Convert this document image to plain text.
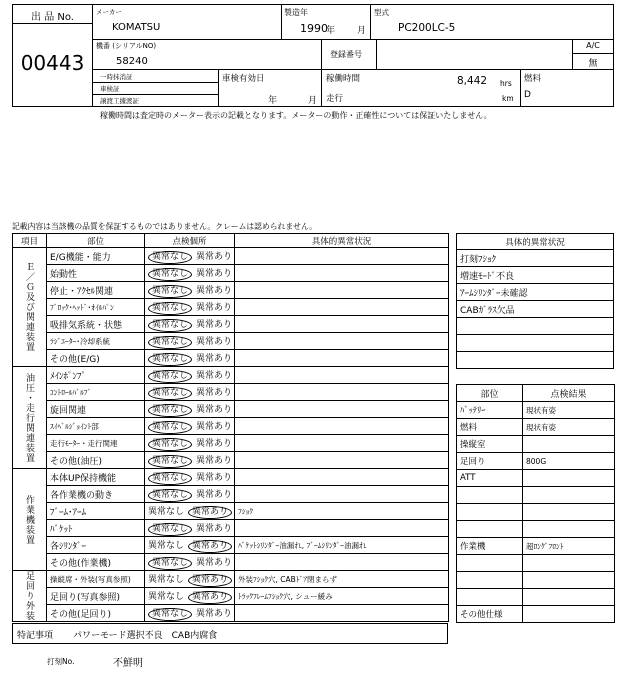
出 品 No.
00443
メーカー
KOMATSU
製造年
1990
年 月
型式
PC200LC-5
機番 (シリアルNO)
58240
登録番号
A/C
無
一時抹消証
車検証
譲渡工據渡証
車検有効日
年	月
稼働時間	8,442 hrs
走行	km
燃料
D
稼働時間は査定時のメーター表示の記載となります。メーターの動作・正確性については保証いたしません。
記載内容は当該機の品質を保証するものではありません。クレームは認められません。
項目	部位	点検個所	具体的異常状況
Ｅ／Ｇ及び関連装置	E/G機能・能力	異常なし 異常あり	
	始動性	異常なし 異常あり	
	停止・ｱｸｾﾙ関連	異常なし 異常あり	
	ﾌﾞﾛｯｸ･ﾍｯﾄﾞ･ｵｲﾙﾊﾟﾝ	異常なし 異常あり	
	吸排気系統・状態	異常なし 異常あり	
	ﾗｼﾞｴｰﾀｰ･冷却系統	異常なし 異常あり	
	その他(E/G)	異常なし 異常あり	
油圧・走行関連装置	ﾒｲﾝﾎﾟﾝﾌﾟ	異常なし 異常あり	
	ｺﾝﾄﾛｰﾙﾊﾞﾙﾌﾞ	異常なし 異常あり	
	旋回関連	異常なし 異常あり	
	ｽｲﾍﾞﾙｼﾞｮｲﾝﾄ部	異常なし 異常あり	
	走行ﾓｰﾀｰ・走行関連	異常なし 異常あり	
	その他(油圧)	異常なし 異常あり	
作業機装置	本体UP保持機能	異常なし 異常あり	
	各作業機の動き	異常なし 異常あり	
	ﾌﾞｰﾑ･ｱｰﾑ	異常なし 異常あり	ﾌｼｮｸ
	ﾊﾞｹｯﾄ	異常なし 異常あり	
	各ｼﾘﾝﾀﾞｰ	異常なし 異常あり	ﾊﾞｹｯﾄｼﾘﾝﾀﾞｰ油漏れ, ﾌﾞｰﾑｼﾘﾝﾀﾞｰ油漏れ
	その他(作業機)	異常なし 異常あり	
足回り外装	操縦席・外装(写真参照)	異常なし 異常あり	外装ﾌｼｮｸ穴, CABﾄﾞｱ閉まらず
	足回り(写真参照)	異常なし 異常あり	ﾄﾗｯｸﾌﾚｰﾑﾌｼｮｸ穴, シュー緩み
	その他(足回り)	異常なし 異常あり	
特記事項 パワーモード選択不良　CAB内腐食
打刻No.	不鮮明
具体的異常状況
打刻ﾌｼｮｸ
増速ﾓｰﾄﾞ不良
ｱｰﾑｼﾘﾝﾀﾞｰ未確認
CABｶﾞﾗｽ欠品

部位	点検結果
ﾊﾞｯﾃﾘｰ	現状有姿
燃料	現状有姿
操縦室	
足回り	800G
ATT	

作業機	超ﾛﾝｸﾞﾌﾛﾝﾄ

その他仕様	
